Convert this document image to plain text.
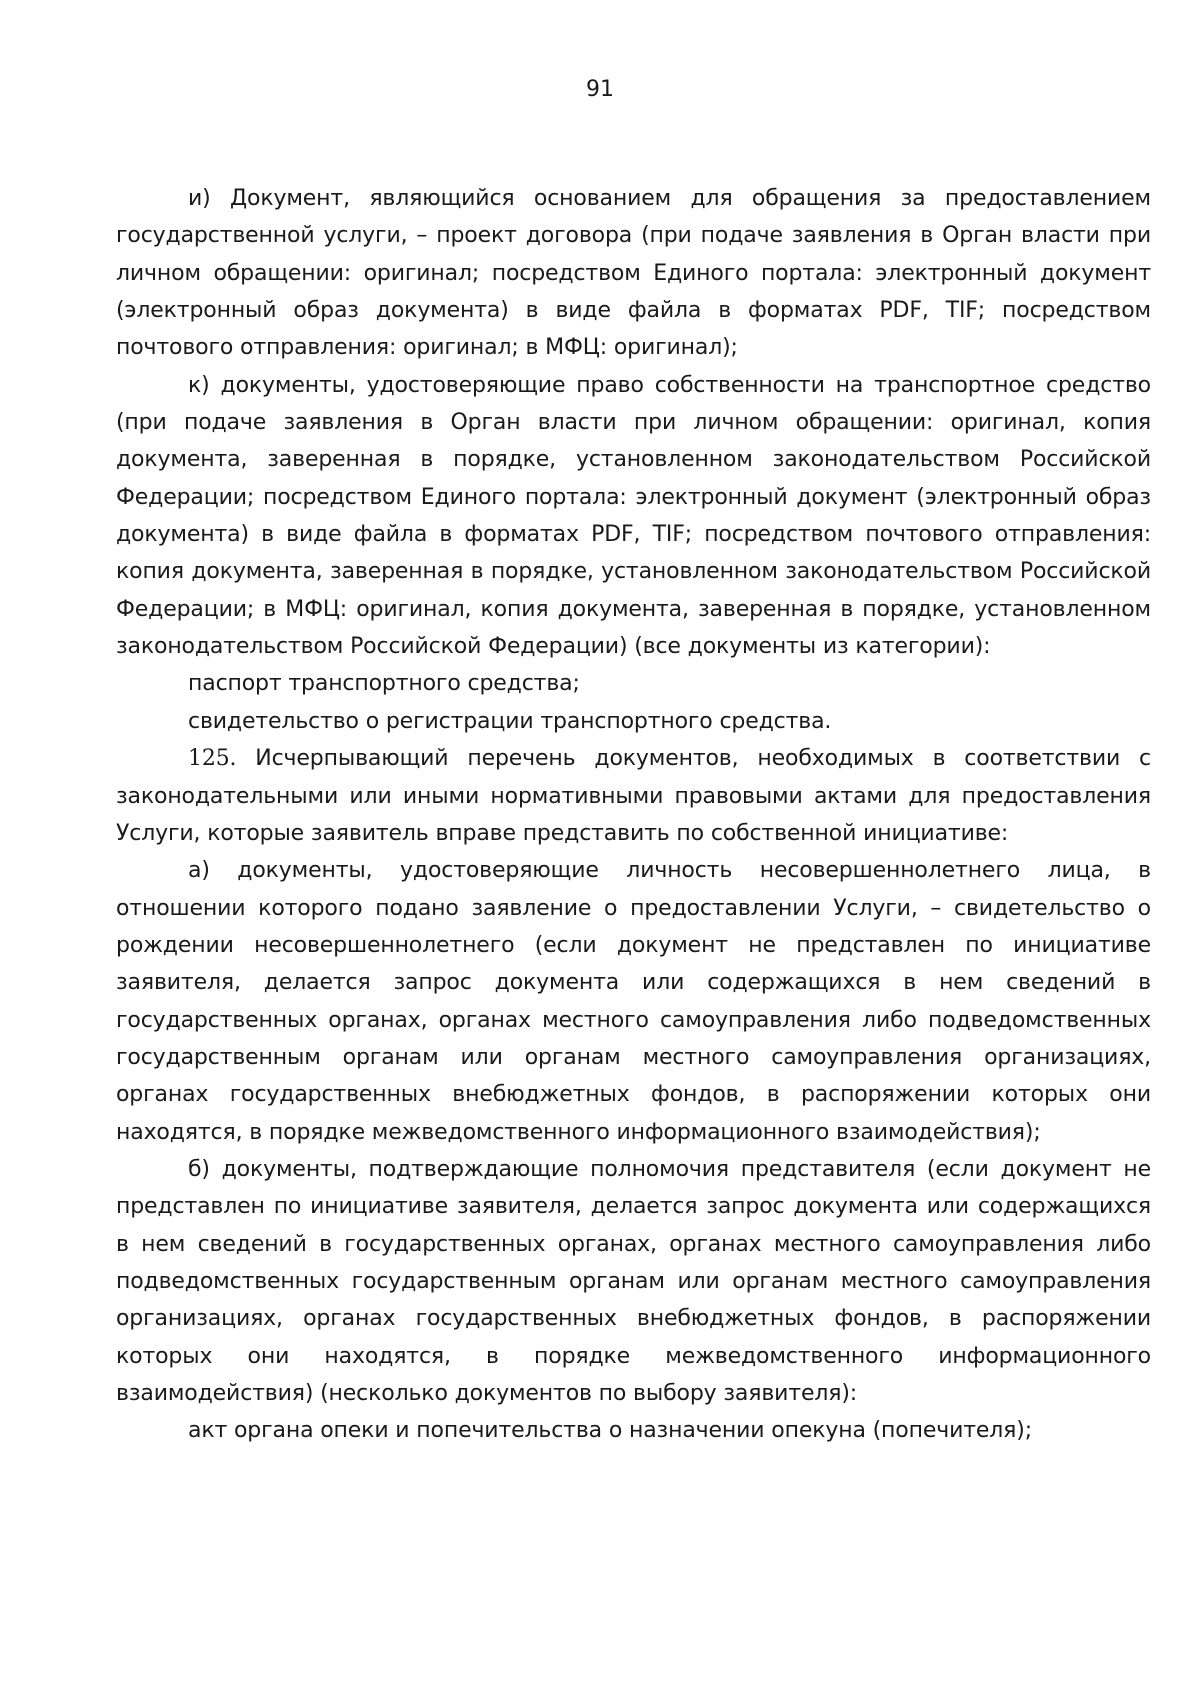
91

и) Документ, являющийся основанием для обращения за предоставлением государственной услуги, – проект договора (при подаче заявления в Орган власти при личном обращении: оригинал; посредством Единого портала: электронный документ (электронный образ документа) в виде файла в форматах PDF, TIF; посредством почтового отправления: оригинал; в МФЦ: оригинал);

к) документы, удостоверяющие право собственности на транспортное средство (при подаче заявления в Орган власти при личном обращении: оригинал, копия документа, заверенная в порядке, установленном законодательством Российской Федерации; посредством Единого портала: электронный документ (электронный образ документа) в виде файла в форматах PDF, TIF; посредством почтового отправления: копия документа, заверенная в порядке, установленном законодательством Российской Федерации; в МФЦ: оригинал, копия документа, заверенная в порядке, установленном законодательством Российской Федерации) (все документы из категории):

паспорт транспортного средства;

свидетельство о регистрации транспортного средства.

125. Исчерпывающий перечень документов, необходимых в соответствии с законодательными или иными нормативными правовыми актами для предоставления Услуги, которые заявитель вправе представить по собственной инициативе:

а) документы, удостоверяющие личность несовершеннолетнего лица, в отношении которого подано заявление о предоставлении Услуги, – свидетельство о рождении несовершеннолетнего (если документ не представлен по инициативе заявителя, делается запрос документа или содержащихся в нем сведений в государственных органах, органах местного самоуправления либо подведомственных государственным органам или органам местного самоуправления организациях, органах государственных внебюджетных фондов, в распоряжении которых они находятся, в порядке межведомственного информационного взаимодействия);

б) документы, подтверждающие полномочия представителя (если документ не представлен по инициативе заявителя, делается запрос документа или содержащихся в нем сведений в государственных органах, органах местного самоуправления либо подведомственных государственным органам или органам местного самоуправления организациях, органах государственных внебюджетных фондов, в распоряжении которых они находятся, в порядке межведомственного информационного взаимодействия) (несколько документов по выбору заявителя):

акт органа опеки и попечительства о назначении опекуна (попечителя);
